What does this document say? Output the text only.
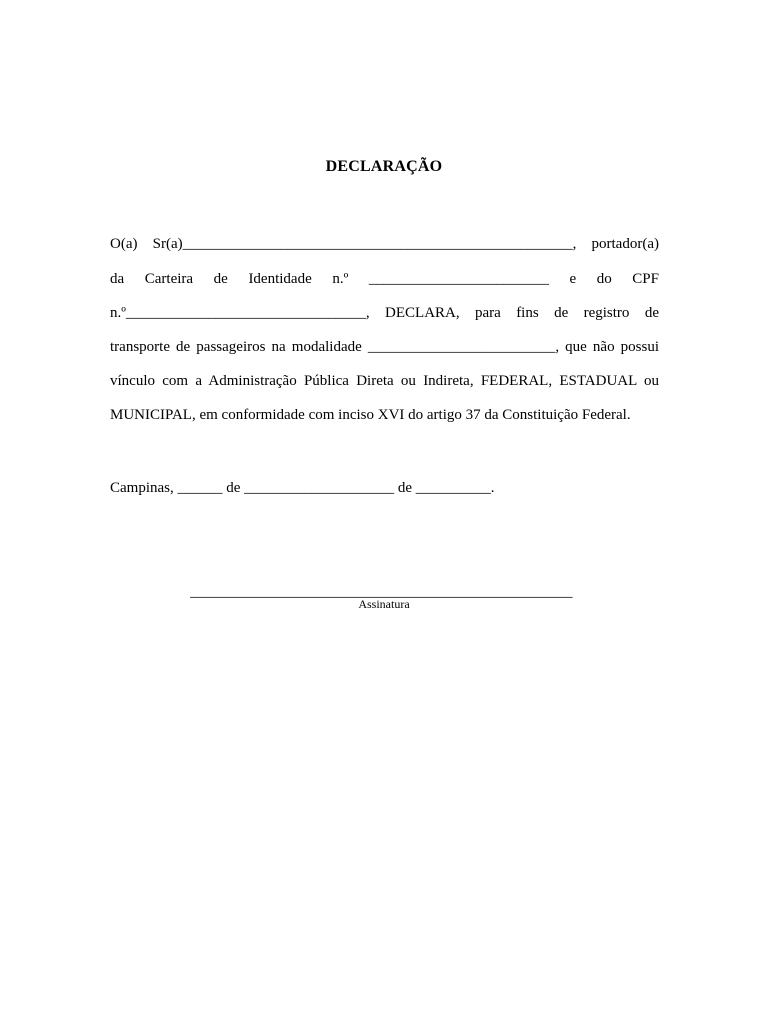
DECLARAÇÃO
O(a) Sr(a)____________________________________________________, portador(a)
da Carteira de Identidade n.º ________________________ e do CPF
n.º________________________________, DECLARA, para fins de registro de
transporte de passageiros na modalidade _________________________, que não possui
vínculo com a Administração Pública Direta ou Indireta, FEDERAL, ESTADUAL ou
MUNICIPAL, em conformidade com inciso XVI do artigo 37 da Constituição Federal.
Campinas, ______ de ____________________ de __________.
___________________________________________________
Assinatura
